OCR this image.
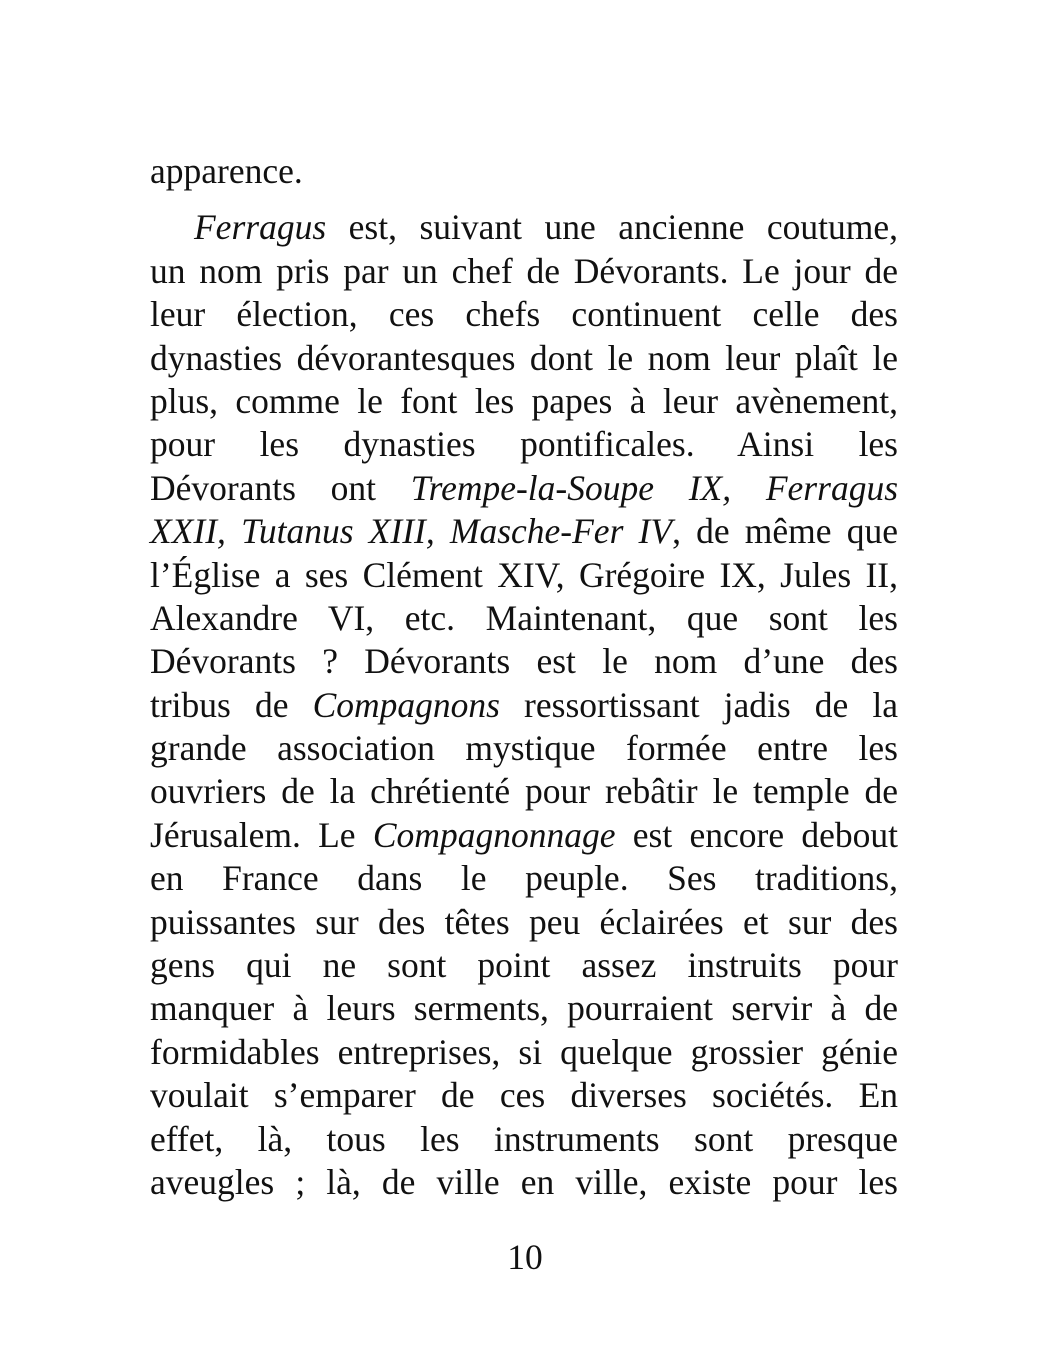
apparence.
Ferragus est, suivant une ancienne coutume,
un nom pris par un chef de Dévorants. Le jour de
leur élection, ces chefs continuent celle des
dynasties dévorantesques dont le nom leur plaît le
plus, comme le font les papes à leur avènement,
pour les dynasties pontificales. Ainsi les
Dévorants ont Trempe-la-Soupe IX, Ferragus
XXII, Tutanus XIII, Masche-Fer IV, de même que
l’Église a ses Clément XIV, Grégoire IX, Jules II,
Alexandre VI, etc. Maintenant, que sont les
Dévorants ? Dévorants est le nom d’une des
tribus de Compagnons ressortissant jadis de la
grande association mystique formée entre les
ouvriers de la chrétienté pour rebâtir le temple de
Jérusalem. Le Compagnonnage est encore debout
en France dans le peuple. Ses traditions,
puissantes sur des têtes peu éclairées et sur des
gens qui ne sont point assez instruits pour
manquer à leurs serments, pourraient servir à de
formidables entreprises, si quelque grossier génie
voulait s’emparer de ces diverses sociétés. En
effet, là, tous les instruments sont presque
aveugles ; là, de ville en ville, existe pour les
10
